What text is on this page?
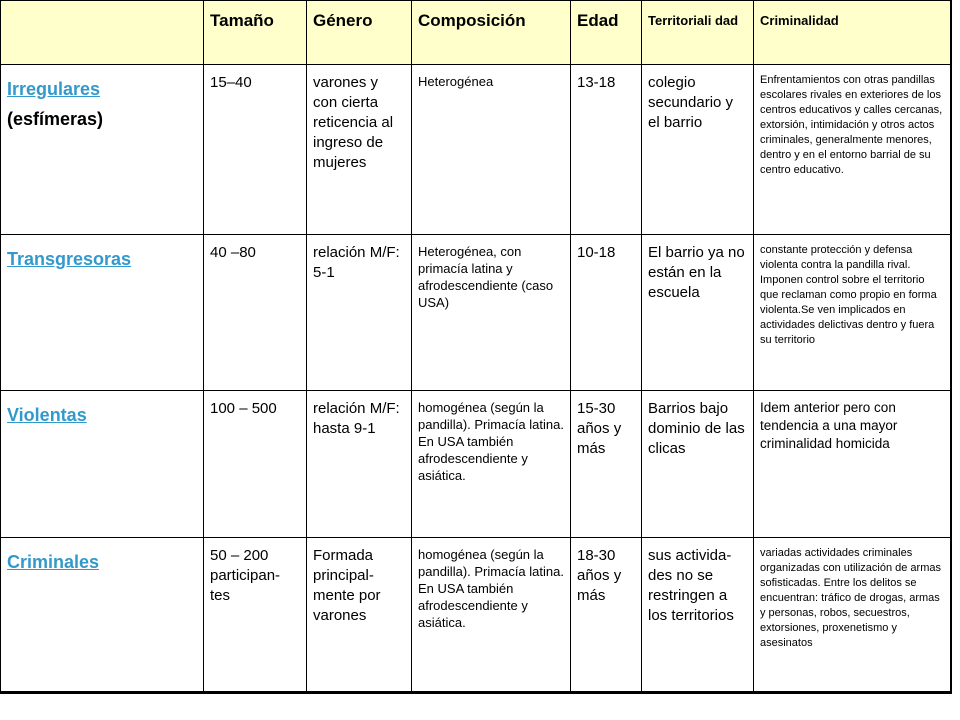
	Tamaño	Género	Composición	Edad	Territoriali dad	Criminalidad
Irregulares
(esfímeras)	15–40	varones y con cierta reticencia al ingreso de mujeres	Heterogénea	13-18	colegio secundario y el barrio	Enfrentamientos con otras pandillas escolares rivales en exteriores de los centros educativos y calles cercanas, extorsión, intimidación y otros actos criminales, generalmente menores, dentro y en el entorno barrial de su centro educativo.
Transgresoras	40 –80	relación M/F: 5-1	Heterogénea, con primacía latina y afrodescendiente (caso USA)	10-18	El barrio ya no están en la escuela	constante protección y defensa violenta contra la pandilla rival. Imponen control sobre el territorio que reclaman como propio en forma violenta.Se ven implicados en actividades delictivas dentro y fuera su territorio
Violentas	100 – 500	relación M/F: hasta 9-1	homogénea (según la pandilla). Primacía latina. En USA también afrodescendiente y asiática.	15-30 años y más	Barrios bajo dominio de las clicas	Idem anterior pero con tendencia a una mayor criminalidad homicida
Criminales	50 – 200 participan- tes	Formada principal- mente por varones	homogénea (según la pandilla). Primacía latina. En USA también afrodescendiente y asiática.	18-30 años y más	sus activida- des no se restringen a los territorios	variadas actividades criminales organizadas con utilización de armas sofisticadas. Entre los delitos se encuentran: tráfico de drogas, armas y personas, robos, secuestros, extorsiones, proxenetismo y asesinatos
